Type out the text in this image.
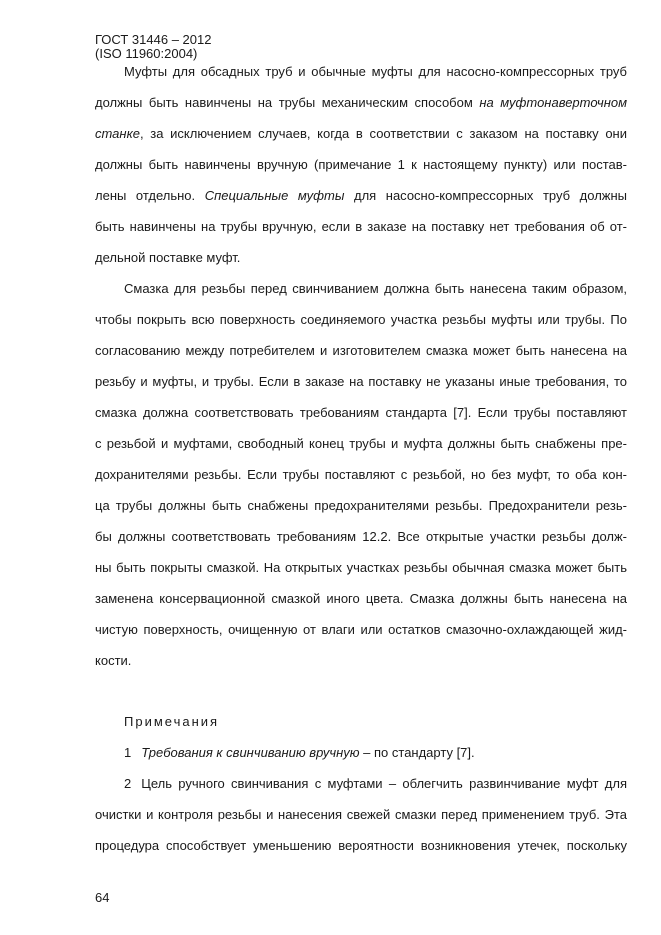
ГОСТ 31446 – 2012
(ISO 11960:2004)
Муфты для обсадных труб и обычные муфты для насосно-компрессорных труб
должны быть навинчены на трубы механическим способом на муфтонаверточном
станке, за исключением случаев, когда в соответствии с заказом на поставку они
должны быть навинчены вручную (примечание 1 к настоящему пункту) или постав-
лены отдельно. Специальные муфты для насосно-компрессорных труб должны
быть навинчены на трубы вручную, если в заказе на поставку нет требования об от-
дельной поставке муфт.
Смазка для резьбы перед свинчиванием должна быть нанесена таким образом,
чтобы покрыть всю поверхность соединяемого участка резьбы муфты или трубы. По
согласованию между потребителем и изготовителем смазка может быть нанесена на
резьбу и муфты, и трубы. Если в заказе на поставку не указаны иные требования, то
смазка должна соответствовать требованиям стандарта [7]. Если трубы поставляют
с резьбой и муфтами, свободный конец трубы и муфта должны быть снабжены пре-
дохранителями резьбы. Если трубы поставляют с резьбой, но без муфт, то оба кон-
ца трубы должны быть снабжены предохранителями резьбы. Предохранители резь-
бы должны соответствовать требованиям 12.2. Все открытые участки резьбы долж-
ны быть покрыты смазкой. На открытых участках резьбы обычная смазка может быть
заменена консервационной смазкой иного цвета. Смазка должны быть нанесена на
чистую поверхность, очищенную от влаги или остатков смазочно-охлаждающей жид-
кости.
Примечания
1 Требования к свинчиванию вручную – по стандарту [7].
2 Цель ручного свинчивания с муфтами – облегчить развинчивание муфт для
очистки и контроля резьбы и нанесения свежей смазки перед применением труб. Эта
процедура способствует уменьшению вероятности возникновения утечек, поскольку
64
